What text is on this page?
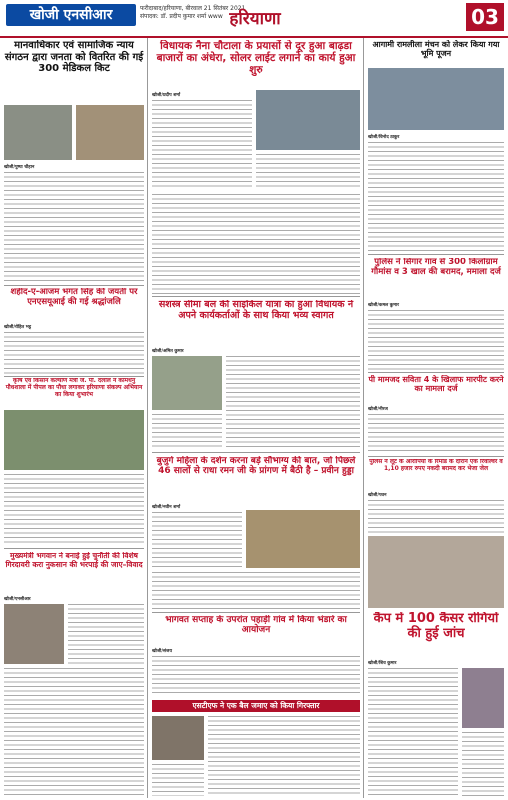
खोजी एनसीआर	फरीदाबाद/हरियाणा, बीरवाल 21 सितंबर 2021
संपादक: डॉ. प्रदीप कुमार शर्मा www हरियाणा	03
मानवाधिकार एवं सामाजिक न्याय संगठन द्वारा जनता को वितरित की गई 300 मेडिकल किट
खोजी/पुष्पा चौहान
शहीद-ए-आजम भगत सिंह की जयंती पर एनएसयूआई की गई श्रद्धांजलि
खोजी/रोहित भट्ट
कृषि एवं किसान कल्याण मंत्री जे. पी. दलाल ने कामधेनु पौधशाला में पीपल का पौधा लगाकर हरियाणा संकल्प अभियान का किया शुभारंभ
मुख्यमंत्री भगवान ने बनाई हुई चुनौती की विशेष गिरदावरी करा नुकसान की भरपाई की जाए–विवाद
खोजी/एनसीआर
विधायक नैना चौटाला के प्रयासों से दूर हुआ बाढ़डा बाजारों का अंधेरा, सोलर लाईट लगाने का कार्य हुआ शुरु
खोजी/प्रदीप शर्मा
सशस्त्र सीमा बल की साइकिल यात्रा का हुआ विधायक ने अपने कार्यकर्ताओं के साथ किया भव्य स्वागत
खोजी/अमित कुमार
बुजुर्ग महिला के दर्शन करना बड़े सौभाग्य की बात, जो पिछले 46 सालों से राधा रमन जी के प्रांगण में बैठी है – प्रवीन हुड्डा
खोजी/नवीन शर्मा
भागवत सप्ताह के उपरांत पहाड़ी गांव में किया भंडारे का आयोजन
खोजी/संजय
एसटीएफ ने एक बैल जमाए को किया गिरफ्तार
आगामी रामलीला मंचन को लेकर किया गया भूमि पूजन
खोजी/विनोद ठाकुर
पुलिस ने सिंगार गांव से 300 किलोग्राम गौमांस व 3 खाल की बरामद, ममाला दर्ज
खोजी/कमल कुमार
पी मामजद सविता 4 के खिलाफ मारपीट करने का मामला दर्ज
खोजी/नीरज
पुलिस ने लूट के आरोपियों के रिमांड के दौरान एक रिवाल्वर व 1,10 हजार रुपए नकदी बरामद कर भेजा जेल
खोजी/पवन
कैंप में 100 कैंसर रोगियों की हुई जांच
खोजी/शिव कुमार
